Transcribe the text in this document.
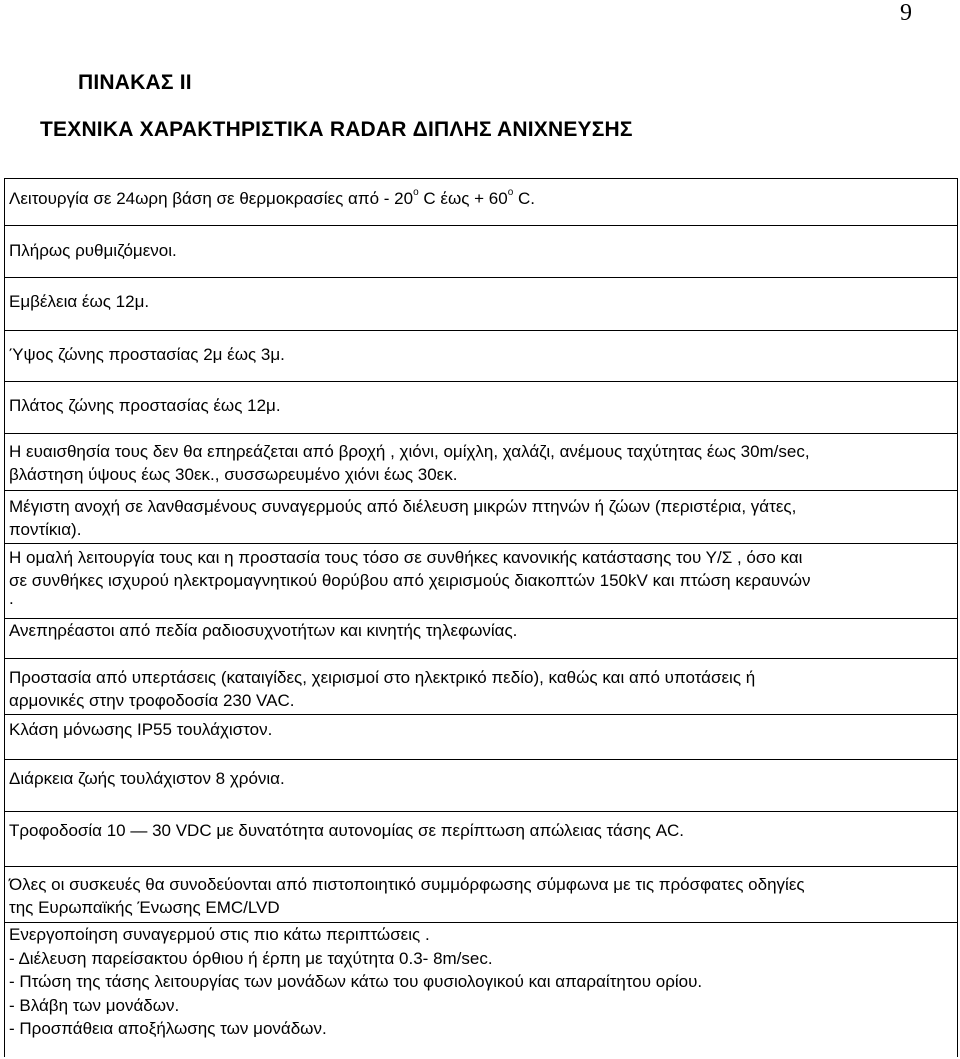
9
ΠΙΝΑΚΑΣ ΙΙ
ΤΕΧΝΙΚΑ ΧΑΡΑΚΤΗΡΙΣΤΙΚΑ RADAR ΔΙΠΛΗΣ ΑΝΙΧΝΕΥΣΗΣ
Λειτουργία σε 24ωρη βάση σε θερμοκρασίες από - 20$^o$ C $έ\omega\varsigma + 60^o$ C.
Πλήρως ρυθμιζόμενοι.
Εμβέλεια έως 12μ.
Ύψος ζώνης προστασίας 2μ έως 3μ.
Πλάτος ζώνης προστασίας έως 12μ.
Η ευαισθησία τους δεν θα επηρεάζεται από βροχή , χιόνι, ομίχλη, χαλάζι, ανέμους ταχύτητας έως 30m/sec,
βλάστηση ύψους έως 30εκ., συσσωρευμένο χιόνι έως 30εκ.
Μέγιστη ανοχή σε λανθασμένους συναγερμούς από διέλευση μικρών πτηνών ή ζώων (περιστέρια, γάτες,
ποντίκια).
Η ομαλή λειτουργία τους και η προστασία τους τόσο σε συνθήκες κανονικής κατάστασης του Υ/Σ , όσο και
σε συνθήκες ισχυρού ηλεκτρομαγνητικού θορύβου από χειρισμούς διακοπτών 150kV και πτώση κεραυνών
.
Ανεπηρέαστοι από πεδία ραδιοσυχνοτήτων και κινητής τηλεφωνίας.
Προστασία από υπερτάσεις (καταιγίδες, χειρισμοί στο ηλεκτρικό πεδίο), καθώς και από υποτάσεις ή
αρμονικές στην τροφοδοσία 230 VAC.
Κλάση μόνωσης IP55 τουλάχιστον.
Διάρκεια ζωής τουλάχιστον 8 χρόνια.
Τροφοδοσία 10 — 30 VDC με δυνατότητα αυτονομίας σε περίπτωση απώλειας τάσης AC.
Όλες οι συσκευές θα συνοδεύονται από πιστοποιητικό συμμόρφωσης σύμφωνα με τις πρόσφατες οδηγίες
της Ευρωπαϊκής Ένωσης EMC/LVD
Ενεργοποίηση συναγερμού στις πιο κάτω περιπτώσεις .
- Διέλευση παρείσακτου όρθιου ή έρπη με ταχύτητα 0.3- 8m/sec.
- Πτώση της τάσης λειτουργίας των μονάδων κάτω του φυσιολογικού και απαραίτητου ορίου.
- Βλάβη των μονάδων.
- Προσπάθεια αποξήλωσης των μονάδων.
